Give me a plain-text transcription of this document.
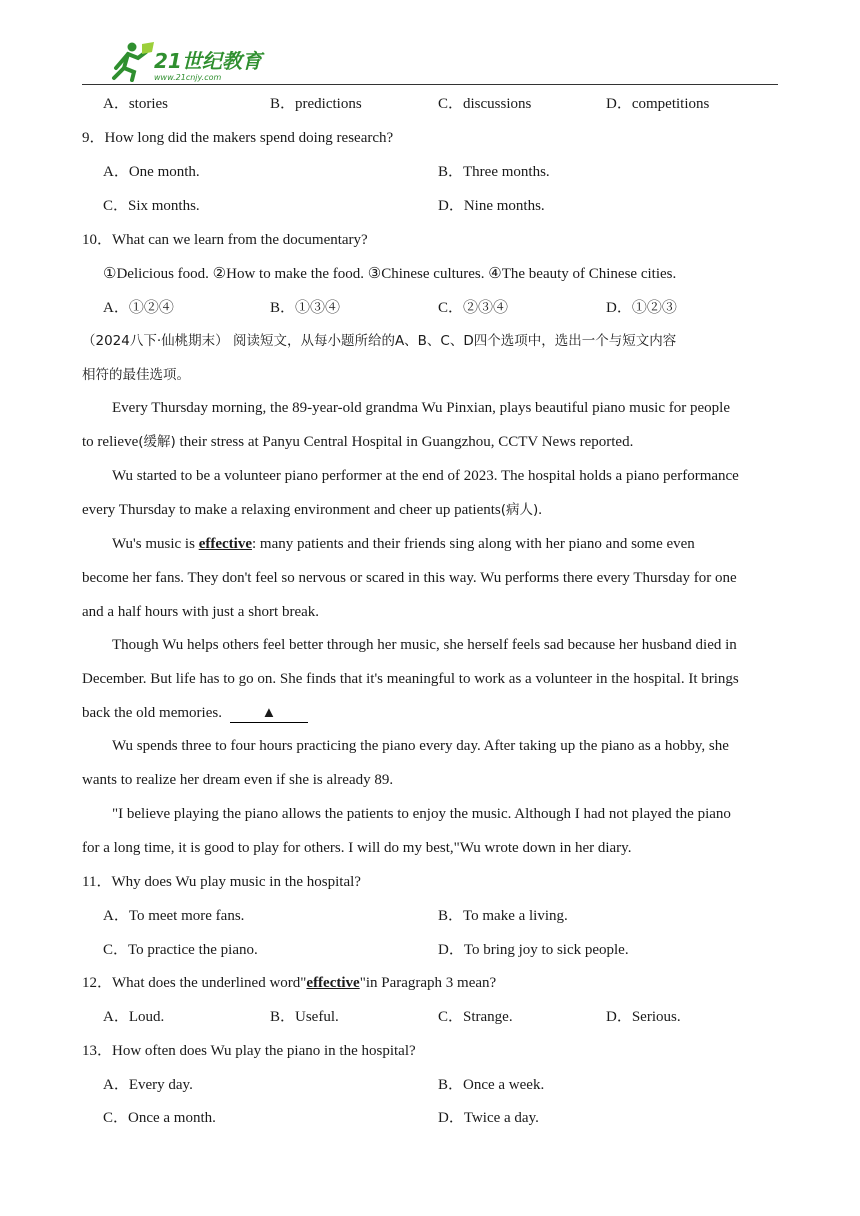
21世纪教育
www.21cnjy.com
A．stories	B．predictions	C．discussions	D．competitions
9．How long did the makers spend doing research?
A．One month.	B．Three months.
C．Six months.	D．Nine months.
10．What can we learn from the documentary?
①Delicious food. ②How to make the food. ③Chinese cultures. ④The beauty of Chinese cities.
A．①②④	B．①③④	C．②③④	D．①②③
（2024八下·仙桃期末） 阅读短文，从每小题所给的A、B、C、D四个选项中，选出一个与短文内容
相符的最佳选项。
Every Thursday morning, the 89-year-old grandma Wu Pinxian, plays beautiful piano music for people
to relieve(缓解) their stress at Panyu Central Hospital in Guangzhou, CCTV News reported.
Wu started to be a volunteer piano performer at the end of 2023. The hospital holds a piano performance
every Thursday to make a relaxing environment and cheer up patients(病人).
Wu's music is effective: many patients and their friends sing along with her piano and some even
become her fans. They don't feel so nervous or scared in this way. Wu performs there every Thursday for one
and a half hours with just a short break.
Though Wu helps others feel better through her music, she herself feels sad because her husband died in
December. But life has to go on. She finds that it's meaningful to work as a volunteer in the hospital. It brings
back the old memories.	▲
Wu spends three to four hours practicing the piano every day. After taking up the piano as a hobby, she
wants to realize her dream even if she is already 89.
"I believe playing the piano allows the patients to enjoy the music. Although I had not played the piano
for a long time, it is good to play for others. I will do my best,"Wu wrote down in her diary.
11．Why does Wu play music in the hospital?
A．To meet more fans.	B．To make a living.
C．To practice the piano.	D．To bring joy to sick people.
12．What does the underlined word"effective"in Paragraph 3 mean?
A．Loud.	B．Useful.	C．Strange.	D．Serious.
13．How often does Wu play the piano in the hospital?
A．Every day.	B．Once a week.
C．Once a month.	D．Twice a day.
